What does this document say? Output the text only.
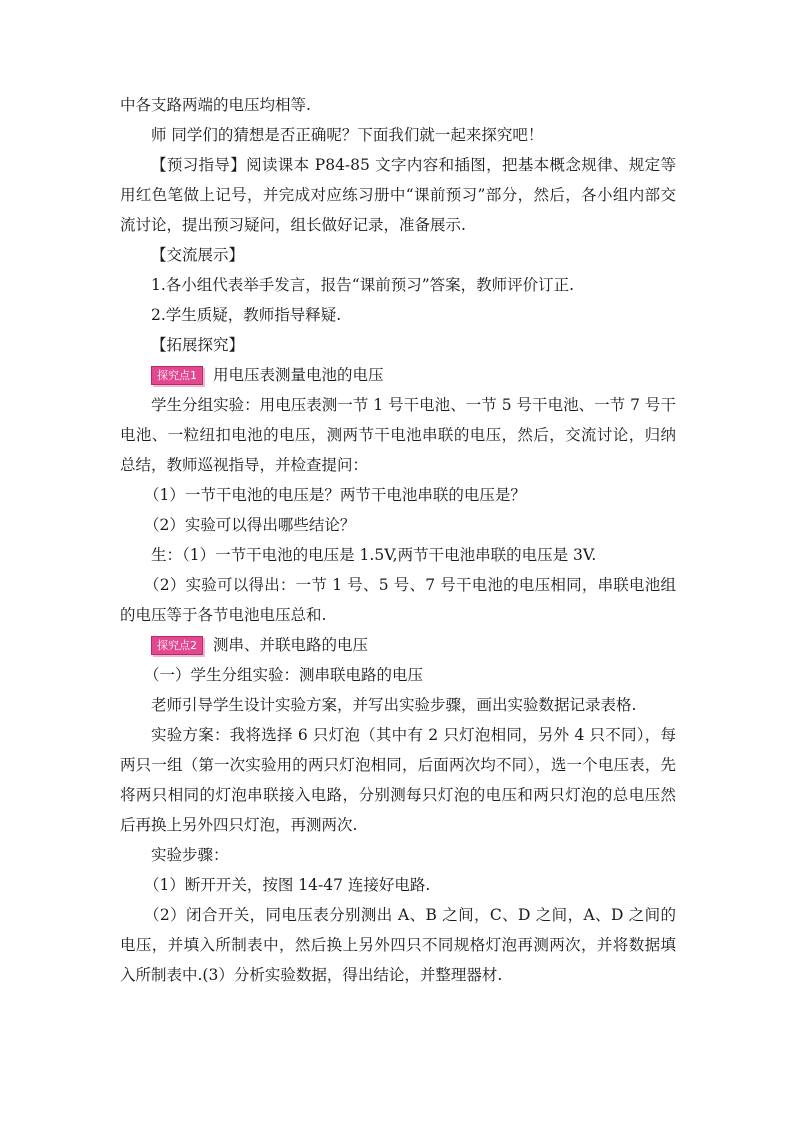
中各支路两端的电压均相等.

师 同学们的猜想是否正确呢？下面我们就一起来探究吧！

【预习指导】阅读课本 P84-85 文字内容和插图，把基本概念规律、规定等用红色笔做上记号，并完成对应练习册中“课前预习”部分，然后，各小组内部交流讨论，提出预习疑问，组长做好记录，准备展示.

【交流展示】

1.各小组代表举手发言，报告“课前预习”答案，教师评价订正.

2.学生质疑，教师指导释疑.

【拓展探究】

探究点1	用电压表测量电池的电压

学生分组实验：用电压表测一节 1 号干电池、一节 5 号干电池、一节 7 号干电池、一粒纽扣电池的电压，测两节干电池串联的电压，然后，交流讨论，归纳总结，教师巡视指导，并检查提问：

（1）一节干电池的电压是？两节干电池串联的电压是？

（2）实验可以得出哪些结论？

生：（1）一节干电池的电压是 1.5V,两节干电池串联的电压是 3V.

（2）实验可以得出：一节 1 号、5 号、7 号干电池的电压相同，串联电池组的电压等于各节电池电压总和.

探究点2	测串、并联电路的电压

（一）学生分组实验：测串联电路的电压

老师引导学生设计实验方案，并写出实验步骤，画出实验数据记录表格.

实验方案：我将选择 6 只灯泡（其中有 2 只灯泡相同，另外 4 只不同），每两只一组（第一次实验用的两只灯泡相同，后面两次均不同），选一个电压表，先将两只相同的灯泡串联接入电路，分别测每只灯泡的电压和两只灯泡的总电压然后再换上另外四只灯泡，再测两次.

实验步骤：

（1）断开开关，按图 14-47 连接好电路.

（2）闭合开关，同电压表分别测出 A、B 之间，C、D 之间，A、D 之间的电压，并填入所制表中，然后换上另外四只不同规格灯泡再测两次，并将数据填入所制表中.(3）分析实验数据，得出结论，并整理器材.
